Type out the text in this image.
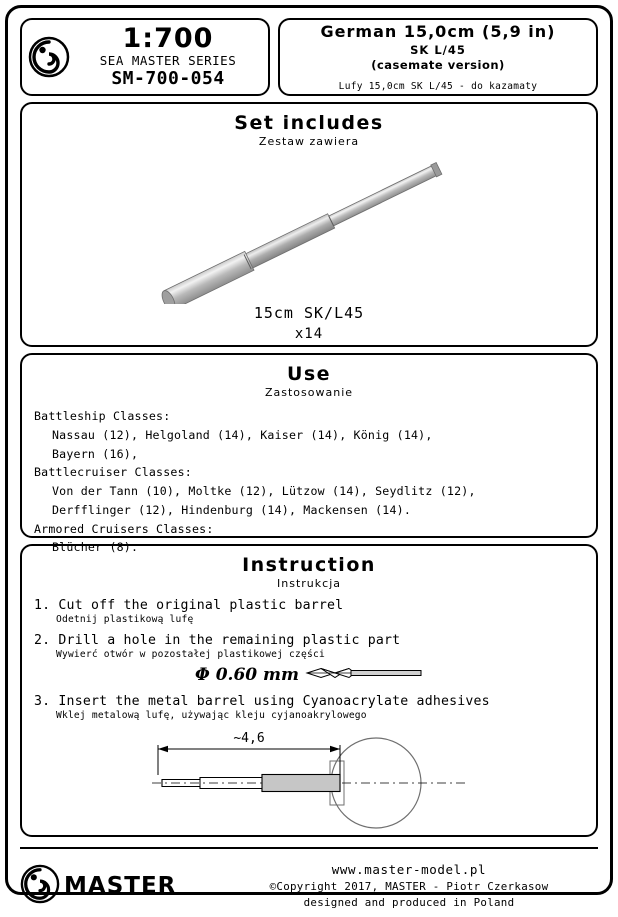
1:700
SEA MASTER SERIES
SM-700-054
German 15,0cm (5,9 in)
SK L/45
(casemate version)
Lufy 15,0cm SK L/45 - do kazamaty
Set includes
Zestaw zawiera
15cm SK/L45
x14
Use
Zastosowanie
Battleship Classes:
Nassau (12), Helgoland (14), Kaiser (14), König (14),
Bayern (16),
Battlecruiser Classes:
Von der Tann (10), Moltke (12), Lützow (14), Seydlitz (12),
Derfflinger (12), Hindenburg (14), Mackensen (14).
Armored Cruisers Classes:
Blücher (8).
Instruction
Instrukcja
1. Cut off the original plastic barrel
Odetnij plastikową lufę
2. Drill a hole in the remaining plastic part
Wywierć otwór w pozostałej plastikowej części
Φ 0.60 mm
3. Insert the metal barrel using Cyanoacrylate adhesives
Wklej metalową lufę, używając kleju cyjanoakrylowego
~4,6
MASTER
www.master-model.pl
©Copyright 2017, MASTER - Piotr Czerkasow
designed and produced in Poland
